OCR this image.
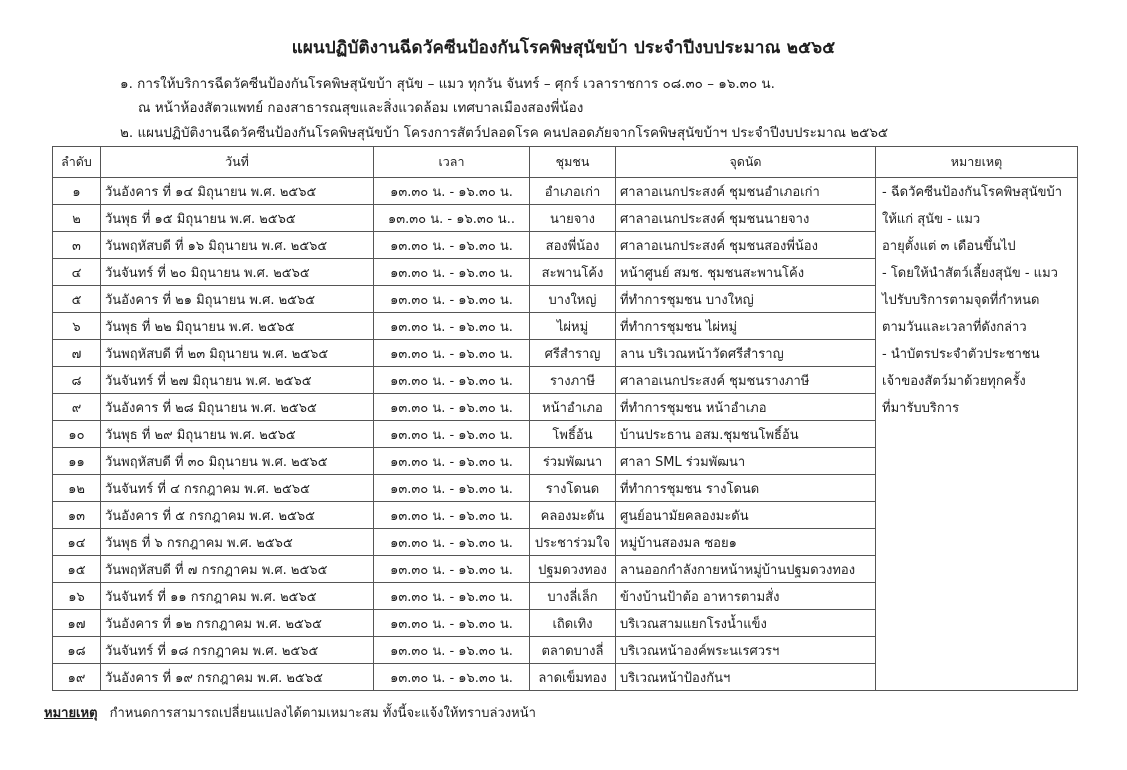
แผนปฏิบัติงานฉีดวัคซีนป้องกันโรคพิษสุนัขบ้า ประจำปีงบประมาณ ๒๕๖๕
๑. การให้บริการฉีดวัคซีนป้องกันโรคพิษสุนัขบ้า สุนัข – แมว ทุกวัน จันทร์ – ศุกร์ เวลาราชการ ๐๘.๓๐ – ๑๖.๓๐ น.
ณ หน้าห้องสัตวแพทย์ กองสาธารณสุขและสิ่งแวดล้อม เทศบาลเมืองสองพี่น้อง
๒. แผนปฏิบัติงานฉีดวัคซีนป้องกันโรคพิษสุนัขบ้า โครงการสัตว์ปลอดโรค คนปลอดภัยจากโรคพิษสุนัขบ้าฯ ประจำปีงบประมาณ ๒๕๖๕
ลำดับ	วันที่	เวลา	ชุมชน	จุดนัด	หมายเหตุ
๑	วันอังคาร ที่ ๑๔ มิถุนายน พ.ศ. ๒๕๖๕	๑๓.๓๐ น. - ๑๖.๓๐ น.	อำเภอเก่า	ศาลาอเนกประสงค์ ชุมชนอำเภอเก่า	- ฉีดวัคซีนป้องกันโรคพิษสุนัขบ้า
๒	วันพุธ ที่ ๑๕ มิถุนายน พ.ศ. ๒๕๖๕	๑๓.๓๐ น. - ๑๖.๓๐ น..	นายจาง	ศาลาอเนกประสงค์ ชุมชนนายจาง	ให้แก่ สุนัข - แมว
๓	วันพฤหัสบดี ที่ ๑๖ มิถุนายน พ.ศ. ๒๕๖๕	๑๓.๓๐ น. - ๑๖.๓๐ น.	สองพี่น้อง	ศาลาอเนกประสงค์ ชุมชนสองพี่น้อง	อายุตั้งแต่ ๓ เดือนขึ้นไป
๔	วันจันทร์ ที่ ๒๐ มิถุนายน พ.ศ. ๒๕๖๕	๑๓.๓๐ น. - ๑๖.๓๐ น.	สะพานโค้ง	หน้าศูนย์ สมช. ชุมชนสะพานโค้ง	- โดยให้นำสัตว์เลี้ยงสุนัข - แมว
๕	วันอังคาร ที่ ๒๑ มิถุนายน พ.ศ. ๒๕๖๕	๑๓.๓๐ น. - ๑๖.๓๐ น.	บางใหญ่	ที่ทำการชุมชน บางใหญ่	ไปรับบริการตามจุดที่กำหนด
๖	วันพุธ ที่ ๒๒ มิถุนายน พ.ศ. ๒๕๖๕	๑๓.๓๐ น. - ๑๖.๓๐ น.	ไผ่หมู่	ที่ทำการชุมชน ไผ่หมู่	ตามวันและเวลาที่ดังกล่าว
๗	วันพฤหัสบดี ที่ ๒๓ มิถุนายน พ.ศ. ๒๕๖๕	๑๓.๓๐ น. - ๑๖.๓๐ น.	ศรีสำราญ	ลาน บริเวณหน้าวัดศรีสำราญ	- นำบัตรประจำตัวประชาชน
๘	วันจันทร์ ที่ ๒๗ มิถุนายน พ.ศ. ๒๕๖๕	๑๓.๓๐ น. - ๑๖.๓๐ น.	รางภาษี	ศาลาอเนกประสงค์ ชุมชนรางภาษี	เจ้าของสัตว์มาด้วยทุกครั้ง
๙	วันอังคาร ที่ ๒๘ มิถุนายน พ.ศ. ๒๕๖๕	๑๓.๓๐ น. - ๑๖.๓๐ น.	หน้าอำเภอ	ที่ทำการชุมชน หน้าอำเภอ	ที่มารับบริการ
๑๐	วันพุธ ที่ ๒๙ มิถุนายน พ.ศ. ๒๕๖๕	๑๓.๓๐ น. - ๑๖.๓๐ น.	โพธิ์อ้น	บ้านประธาน อสม.ชุมชนโพธิ์อ้น	
๑๑	วันพฤหัสบดี ที่ ๓๐ มิถุนายน พ.ศ. ๒๕๖๕	๑๓.๓๐ น. - ๑๖.๓๐ น.	ร่วมพัฒนา	ศาลา SML ร่วมพัฒนา	
๑๒	วันจันทร์ ที่ ๔ กรกฎาคม พ.ศ. ๒๕๖๕	๑๓.๓๐ น. - ๑๖.๓๐ น.	รางโดนด	ที่ทำการชุมชน รางโดนด	
๑๓	วันอังคาร ที่ ๕ กรกฎาคม พ.ศ. ๒๕๖๕	๑๓.๓๐ น. - ๑๖.๓๐ น.	คลองมะดัน	ศูนย์อนามัยคลองมะดัน	
๑๔	วันพุธ ที่ ๖ กรกฎาคม พ.ศ. ๒๕๖๕	๑๓.๓๐ น. - ๑๖.๓๐ น.	ประชาร่วมใจ	หมู่บ้านสองมล ซอย๑	
๑๕	วันพฤหัสบดี ที่ ๗ กรกฎาคม พ.ศ. ๒๕๖๕	๑๓.๓๐ น. - ๑๖.๓๐ น.	ปฐมดวงทอง	ลานออกกำลังกายหน้าหมู่บ้านปฐมดวงทอง	
๑๖	วันจันทร์ ที่ ๑๑ กรกฎาคม พ.ศ. ๒๕๖๕	๑๓.๓๐ น. - ๑๖.๓๐ น.	บางลี่เล็ก	ข้างบ้านป้าต้อ อาหารตามสั่ง	
๑๗	วันอังคาร ที่ ๑๒ กรกฎาคม พ.ศ. ๒๕๖๕	๑๓.๓๐ น. - ๑๖.๓๐ น.	เถิดเทิง	บริเวณสามแยกโรงน้ำแข็ง	
๑๘	วันจันทร์ ที่ ๑๘ กรกฎาคม พ.ศ. ๒๕๖๕	๑๓.๓๐ น. - ๑๖.๓๐ น.	ตลาดบางลี่	บริเวณหน้าองค์พระนเรศวรฯ	
๑๙	วันอังคาร ที่ ๑๙ กรกฎาคม พ.ศ. ๒๕๖๕	๑๓.๓๐ น. - ๑๖.๓๐ น.	ลาดเข็มทอง	บริเวณหน้าป้องกันฯ	
หมายเหตุ กำหนดการสามารถเปลี่ยนแปลงได้ตามเหมาะสม ทั้งนี้จะแจ้งให้ทราบล่วงหน้า
